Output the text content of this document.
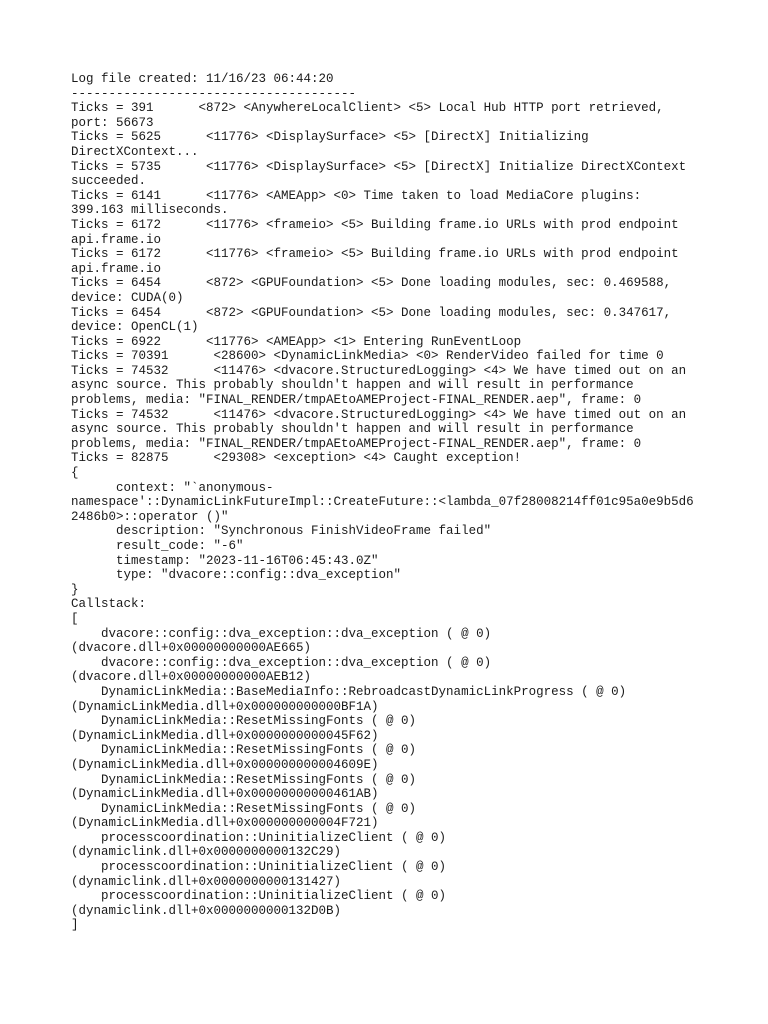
Log file created: 11/16/23 06:44:20
--------------------------------------
Ticks = 391      <872> <AnywhereLocalClient> <5> Local Hub HTTP port retrieved,
port: 56673
Ticks = 5625      <11776> <DisplaySurface> <5> [DirectX] Initializing
DirectXContext...
Ticks = 5735      <11776> <DisplaySurface> <5> [DirectX] Initialize DirectXContext
succeeded.
Ticks = 6141      <11776> <AMEApp> <0> Time taken to load MediaCore plugins:
399.163 milliseconds.
Ticks = 6172      <11776> <frameio> <5> Building frame.io URLs with prod endpoint
api.frame.io
Ticks = 6172      <11776> <frameio> <5> Building frame.io URLs with prod endpoint
api.frame.io
Ticks = 6454      <872> <GPUFoundation> <5> Done loading modules, sec: 0.469588,
device: CUDA(0)
Ticks = 6454      <872> <GPUFoundation> <5> Done loading modules, sec: 0.347617,
device: OpenCL(1)
Ticks = 6922      <11776> <AMEApp> <1> Entering RunEventLoop
Ticks = 70391      <28600> <DynamicLinkMedia> <0> RenderVideo failed for time 0
Ticks = 74532      <11476> <dvacore.StructuredLogging> <4> We have timed out on an
async source. This probably shouldn't happen and will result in performance
problems, media: "FINAL_RENDER/tmpAEtoAMEProject-FINAL_RENDER.aep", frame: 0
Ticks = 74532      <11476> <dvacore.StructuredLogging> <4> We have timed out on an
async source. This probably shouldn't happen and will result in performance
problems, media: "FINAL_RENDER/tmpAEtoAMEProject-FINAL_RENDER.aep", frame: 0
Ticks = 82875      <29308> <exception> <4> Caught exception!
{
context: "`anonymous-
namespace'::DynamicLinkFutureImpl::CreateFuture::<lambda_07f28008214ff01c95a0e9b5d6
2486b0>::operator ()"
description: "Synchronous FinishVideoFrame failed"
result_code: "-6"
timestamp: "2023-11-16T06:45:43.0Z"
type: "dvacore::config::dva_exception"
}
Callstack:
[
dvacore::config::dva_exception::dva_exception ( @ 0)
(dvacore.dll+0x00000000000AE665)
dvacore::config::dva_exception::dva_exception ( @ 0)
(dvacore.dll+0x00000000000AEB12)
DynamicLinkMedia::BaseMediaInfo::RebroadcastDynamicLinkProgress ( @ 0)
(DynamicLinkMedia.dll+0x000000000000BF1A)
DynamicLinkMedia::ResetMissingFonts ( @ 0)
(DynamicLinkMedia.dll+0x0000000000045F62)
DynamicLinkMedia::ResetMissingFonts ( @ 0)
(DynamicLinkMedia.dll+0x000000000004609E)
DynamicLinkMedia::ResetMissingFonts ( @ 0)
(DynamicLinkMedia.dll+0x00000000000461AB)
DynamicLinkMedia::ResetMissingFonts ( @ 0)
(DynamicLinkMedia.dll+0x000000000004F721)
processcoordination::UninitializeClient ( @ 0)
(dynamiclink.dll+0x0000000000132C29)
processcoordination::UninitializeClient ( @ 0)
(dynamiclink.dll+0x0000000000131427)
processcoordination::UninitializeClient ( @ 0)
(dynamiclink.dll+0x0000000000132D0B)
]
